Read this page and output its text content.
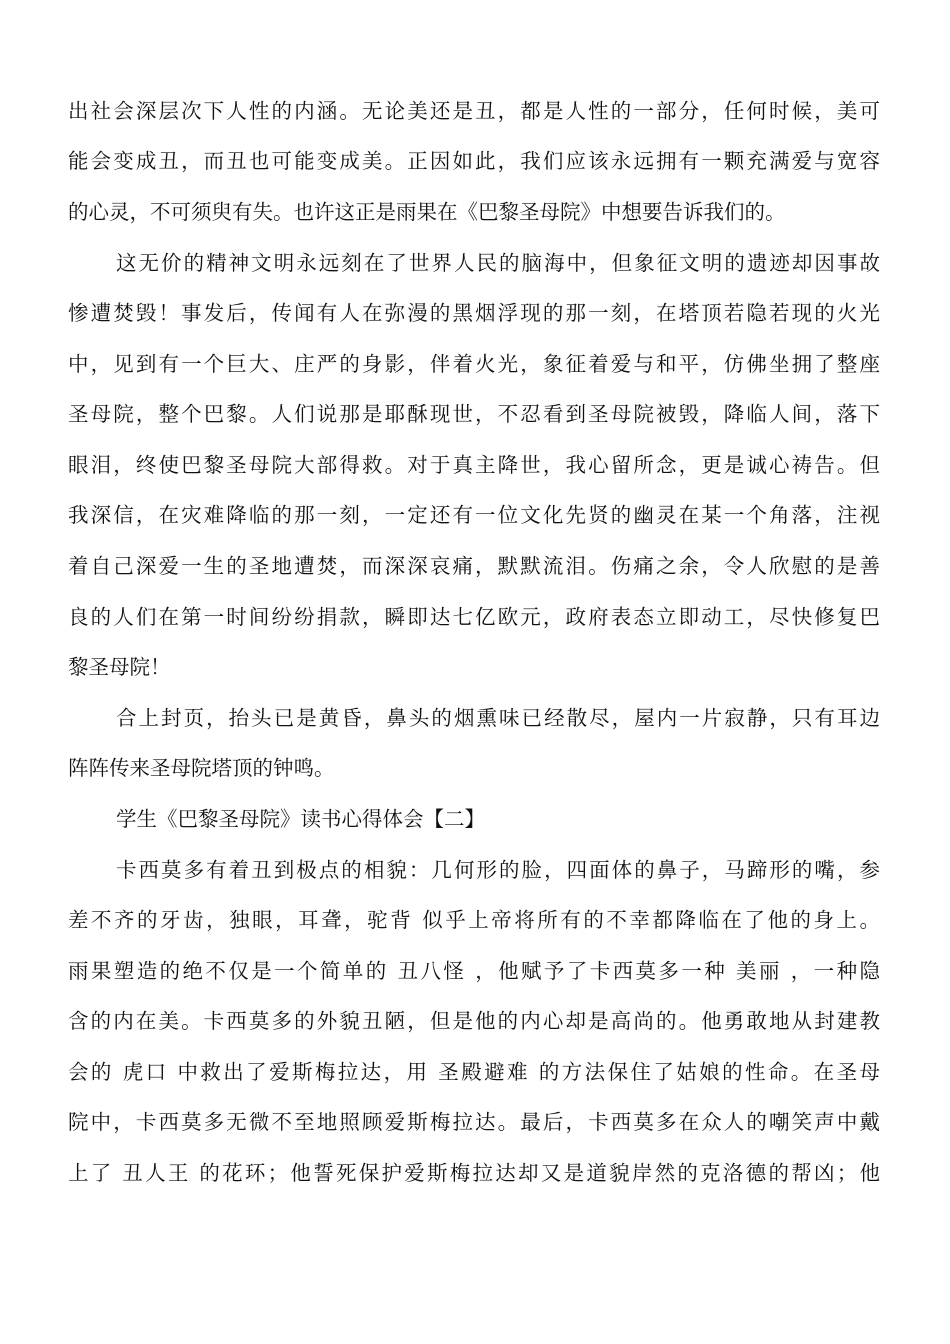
出社会深层次下人性的内涵。无论美还是丑，都是人性的一部分，任何时候，美可
能会变成丑，而丑也可能变成美。正因如此，我们应该永远拥有一颗充满爱与宽容
的心灵，不可须臾有失。也许这正是雨果在《巴黎圣母院》中想要告诉我们的。
这无价的精神文明永远刻在了世界人民的脑海中，但象征文明的遗迹却因事故
惨遭焚毁！事发后，传闻有人在弥漫的黑烟浮现的那一刻，在塔顶若隐若现的火光
中，见到有一个巨大、庄严的身影，伴着火光，象征着爱与和平，仿佛坐拥了整座
圣母院，整个巴黎。人们说那是耶酥现世，不忍看到圣母院被毁，降临人间，落下
眼泪，终使巴黎圣母院大部得救。对于真主降世，我心留所念，更是诚心祷告。但
我深信，在灾难降临的那一刻，一定还有一位文化先贤的幽灵在某一个角落，注视
着自己深爱一生的圣地遭焚，而深深哀痛，默默流泪。伤痛之余，令人欣慰的是善
良的人们在第一时间纷纷捐款，瞬即达七亿欧元，政府表态立即动工，尽快修复巴
黎圣母院！
合上封页，抬头已是黄昏，鼻头的烟熏味已经散尽，屋内一片寂静，只有耳边
阵阵传来圣母院塔顶的钟鸣。
学生《巴黎圣母院》读书心得体会【二】
卡西莫多有着丑到极点的相貌：几何形的脸，四面体的鼻子，马蹄形的嘴，参
差不齐的牙齿，独眼，耳聋，驼背 似乎上帝将所有的不幸都降临在了他的身上。
雨果塑造的绝不仅是一个简单的 丑八怪 ，他赋予了卡西莫多一种 美丽 ，一种隐
含的内在美。卡西莫多的外貌丑陋，但是他的内心却是高尚的。他勇敢地从封建教
会的 虎口 中救出了爱斯梅拉达，用 圣殿避难 的方法保住了姑娘的性命。在圣母
院中，卡西莫多无微不至地照顾爱斯梅拉达。最后，卡西莫多在众人的嘲笑声中戴
上了 丑人王 的花环；他誓死保护爱斯梅拉达却又是道貌岸然的克洛德的帮凶；他
